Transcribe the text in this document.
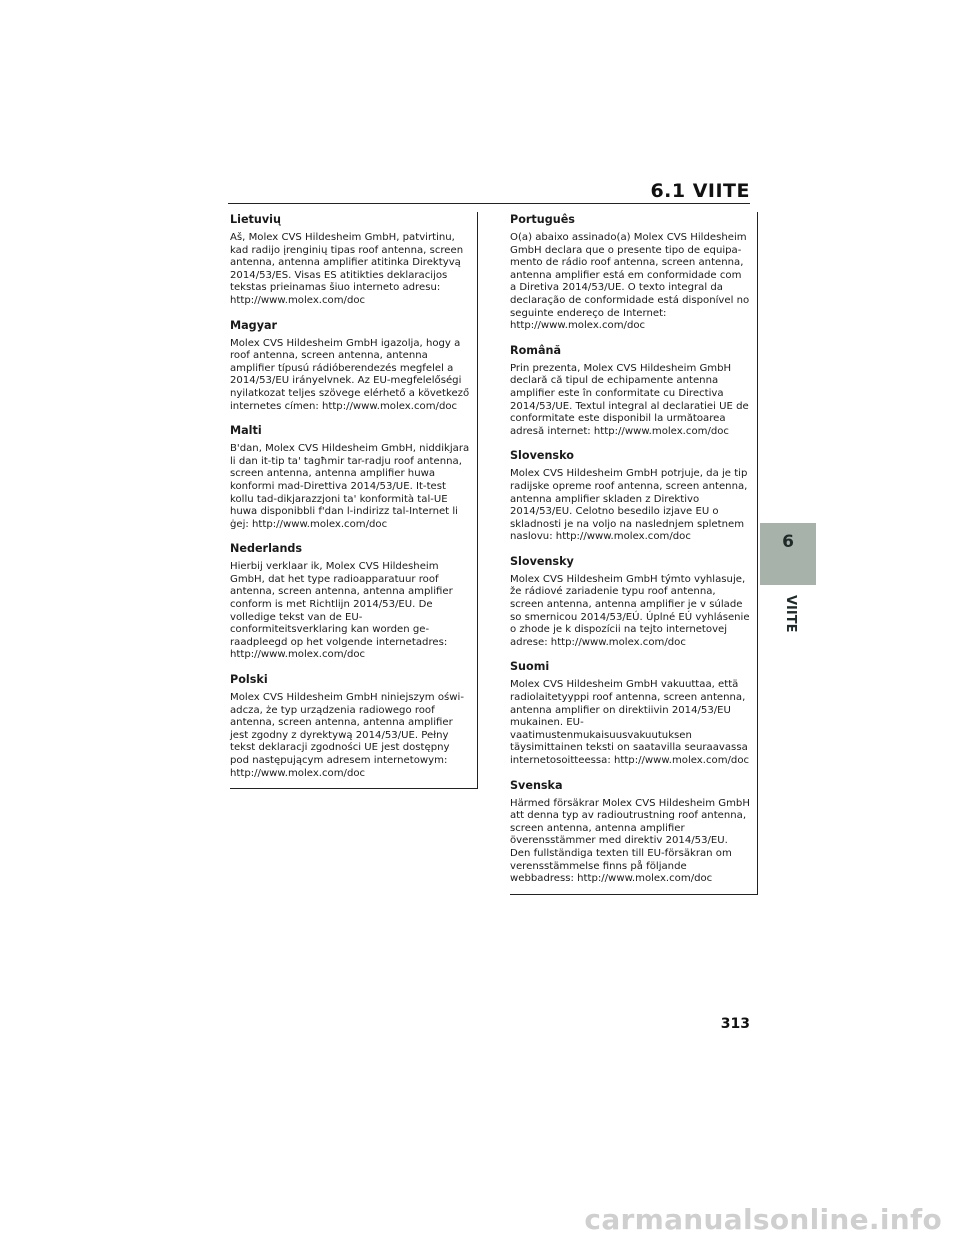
6.1 VIITE

Lietuvių

Aš, Molex CVS Hildesheim GmbH, patvirtinu, kad radijo įrenginių tipas roof antenna, screen antenna, antenna amplifier atitinka Direktyvą 2014/53/ES. Visas ES atitikties deklaracijos tekstas prieinamas šiuo interneto adresu: http://www.molex.com/doc

Magyar

Molex CVS Hildesheim GmbH igazolja, hogy a roof antenna, screen antenna, antenna amplifier típusú rádióberendezés megfelel a 2014/53/EU irányelvnek. Az EU-megfelelőségi nyilatkozat teljes szövege elérhető a következő internetes címen: http://www.molex.com/doc

Malti

B'dan, Molex CVS Hildesheim GmbH, niddikjara li dan it-tip ta' tagħmir tar-radju roof antenna, screen antenna, antenna amplifier huwa konformi mad-Direttiva 2014/53/UE. It-test kollu tad-dikjarazzjoni ta' konformità tal-UE huwa disponibbli f'dan l-indirizz tal-Internet li ġej: http://www.molex.com/doc

Nederlands

Hierbij verklaar ik, Molex CVS Hildesheim GmbH, dat het type radioapparatuur roof antenna, screen antenna, antenna amplifier conform is met Richtlijn 2014/53/EU. De volledige tekst van de EU-conformiteitsverklaring kan worden geraadpleegd op het volgende internetadres: http://www.molex.com/doc

Polski

Molex CVS Hildesheim GmbH niniejszym oświadcza, że typ urządzenia radiowego roof antenna, screen antenna, antenna amplifier jest zgodny z dyrektywą 2014/53/UE. Pełny tekst deklaracji zgodności UE jest dostępny pod następującym adresem internetowym: http://www.molex.com/doc

Português

O(a) abaixo assinado(a) Molex CVS Hildesheim GmbH declara que o presente tipo de equipamento de rádio roof antenna, screen antenna, antenna amplifier está em conformidade com a Diretiva 2014/53/UE. O texto integral da declaração de conformidade está disponível no seguinte endereço de Internet: http://www.molex.com/doc

Română

Prin prezenta, Molex CVS Hildesheim GmbH declară că tipul de echipamente antenna amplifier este în conformitate cu Directiva 2014/53/UE. Textul integral al declaratiei UE de conformitate este disponibil la următoarea adresă internet: http://www.molex.com/doc

Slovensko

Molex CVS Hildesheim GmbH potrjuje, da je tip radijske opreme roof antenna, screen antenna, antenna amplifier skladen z Direktivo 2014/53/EU. Celotno besedilo izjave EU o skladnosti je na voljo na naslednjem spletnem naslovu: http://www.molex.com/doc

Slovensky

Molex CVS Hildesheim GmbH týmto vyhlasuje, že rádiové zariadenie typu roof antenna, screen antenna, antenna amplifier je v súlade so smernicou 2014/53/EÚ. Úplné EÚ vyhlásenie o zhode je k dispozícii na tejto internetovej adrese: http://www.molex.com/doc

Suomi

Molex CVS Hildesheim GmbH vakuuttaa, että radiolaitetyyppi roof antenna, screen antenna, antenna amplifier on direktiivin 2014/53/EU mukainen. EU-vaatimustenmukaisuusvakuutuksen täysimittainen teksti on saatavilla seuraavassa internetosoitteessa: http://www.molex.com/doc

Svenska

Härmed försäkrar Molex CVS Hildesheim GmbH att denna typ av radioutrustning roof antenna, screen antenna, antenna amplifier överensstämmer med direktiv 2014/53/EU. Den fullständiga texten till EU-försäkran om verensstämmelse finns på följande webbadress: http://www.molex.com/doc

6
VIITE
313
carmanualsonline.info
